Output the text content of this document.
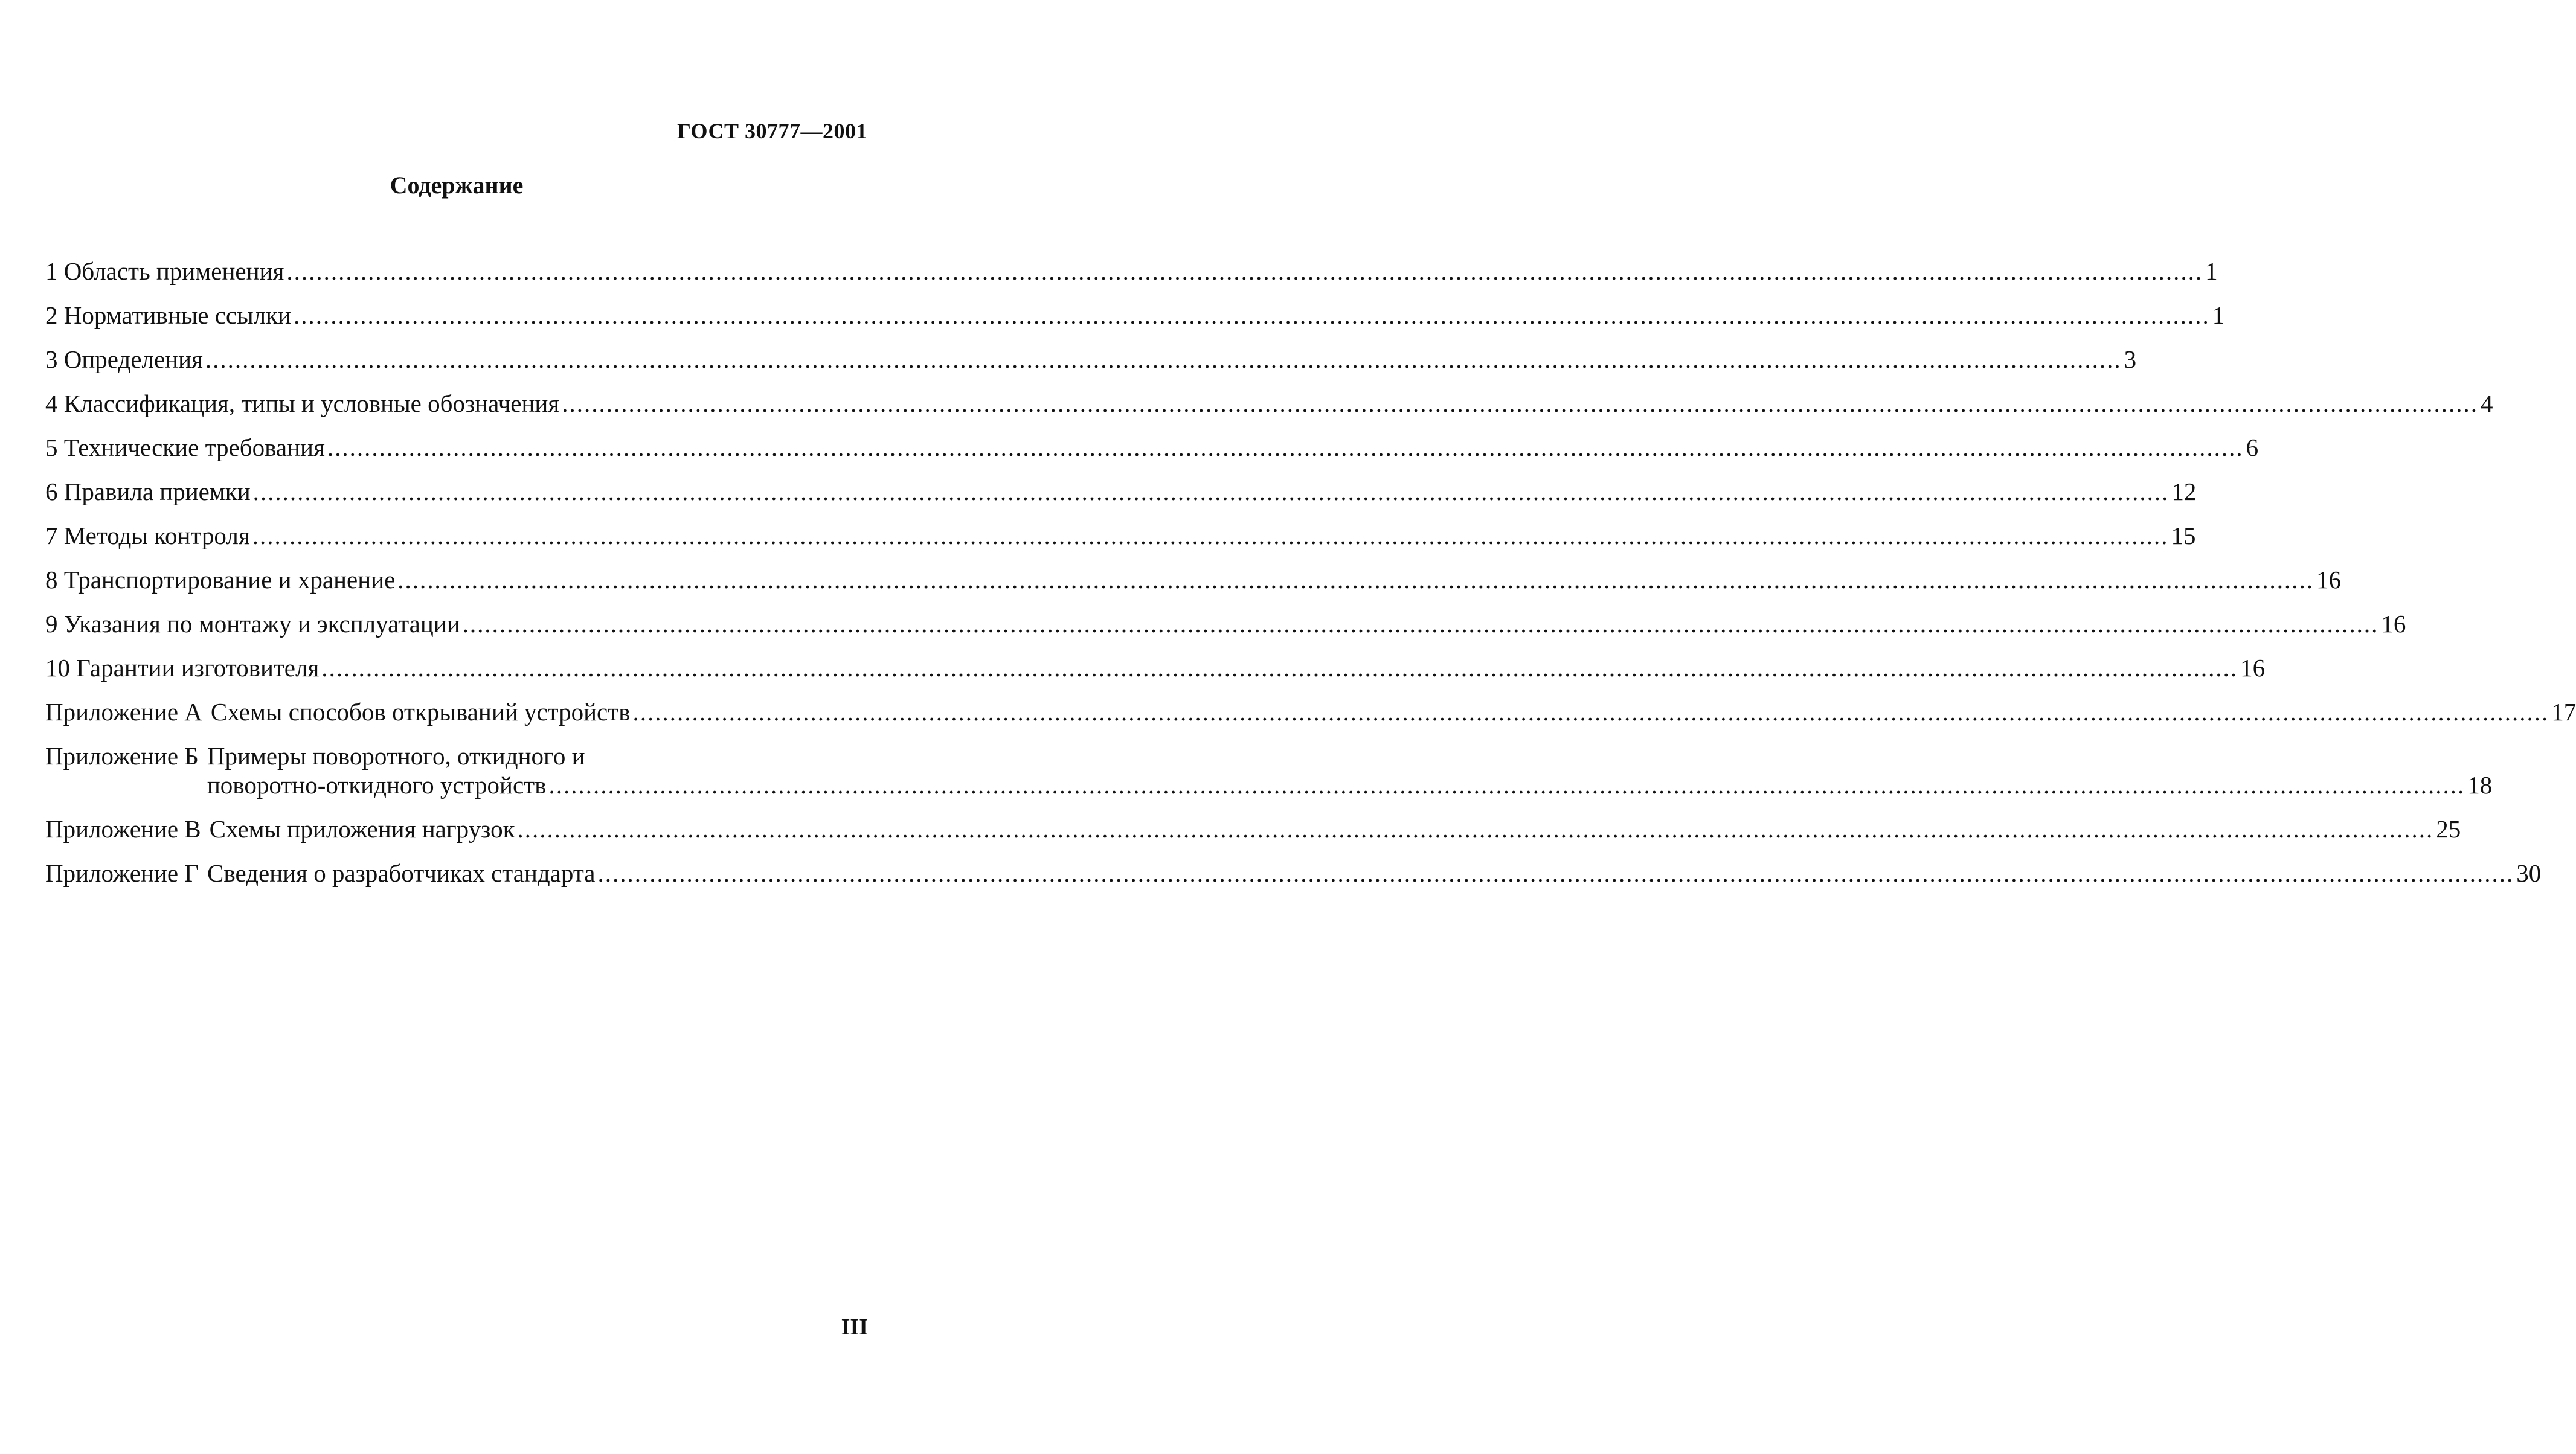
ГОСТ 30777—2001
Содержание
1 Область применения .....	1
2 Нормативные ссылки .....	1
3 Определения .....	3
4 Классификация, типы и условные обозначения .....	4
5 Технические требования .....	6
6 Правила приемки .....	12
7 Методы контроля .....	15
8 Транспортирование и хранение .....	16
9 Указания по монтажу и эксплуатации .....	16
10 Гарантии изготовителя .....	16
Приложение А Схемы способов открываний устройств .....	17
Приложение Б Примеры поворотного, откидного и
поворотно-откидного устройств .....	18
Приложение В Схемы приложения нагрузок .....	25
Приложение Г Сведения о разработчиках стандарта .....	30
III
